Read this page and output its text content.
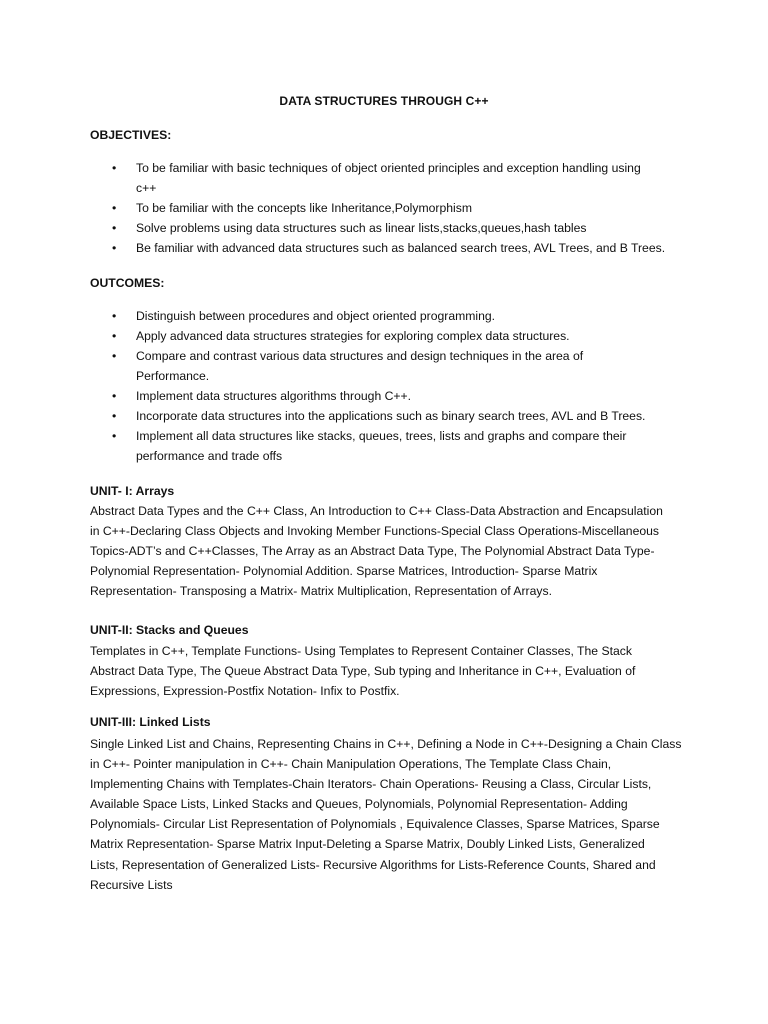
DATA STRUCTURES THROUGH C++
OBJECTIVES:
• To be familiar with basic techniques of object oriented principles and exception handling using
c++
• To be familiar with the concepts like Inheritance,Polymorphism
• Solve problems using data structures such as linear lists,stacks,queues,hash tables
• Be familiar with advanced data structures such as balanced search trees, AVL Trees, and B Trees.
OUTCOMES:
• Distinguish between procedures and object oriented programming.
• Apply advanced data structures strategies for exploring complex data structures.
• Compare and contrast various data structures and design techniques in the area of
Performance.
• Implement data structures algorithms through C++.
• Incorporate data structures into the applications such as binary search trees, AVL and B Trees.
• Implement all data structures like stacks, queues, trees, lists and graphs and compare their
performance and trade offs
UNIT- I: Arrays

Abstract Data Types and the C++ Class, An Introduction to C++ Class-Data Abstraction and Encapsulation
in C++-Declaring Class Objects and Invoking Member Functions-Special Class Operations-Miscellaneous
Topics-ADT’s and C++Classes, The Array as an Abstract Data Type, The Polynomial Abstract Data Type-
Polynomial Representation- Polynomial Addition. Sparse Matrices, Introduction- Sparse Matrix
Representation- Transposing a Matrix- Matrix Multiplication, Representation of Arrays.

UNIT-II: Stacks and Queues

Templates in C++, Template Functions- Using Templates to Represent Container Classes, The Stack
Abstract Data Type, The Queue Abstract Data Type, Sub typing and Inheritance in C++, Evaluation of
Expressions, Expression-Postfix Notation- Infix to Postfix.

UNIT-III: Linked Lists

Single Linked List and Chains, Representing Chains in C++, Defining a Node in C++-Designing a Chain Class
in C++- Pointer manipulation in C++- Chain Manipulation Operations, The Template Class Chain,
Implementing Chains with Templates-Chain Iterators- Chain Operations- Reusing a Class, Circular Lists,
Available Space Lists, Linked Stacks and Queues, Polynomials, Polynomial Representation- Adding
Polynomials- Circular List Representation of Polynomials , Equivalence Classes, Sparse Matrices, Sparse
Matrix Representation- Sparse Matrix Input-Deleting a Sparse Matrix, Doubly Linked Lists, Generalized
Lists, Representation of Generalized Lists- Recursive Algorithms for Lists-Reference Counts, Shared and
Recursive Lists
